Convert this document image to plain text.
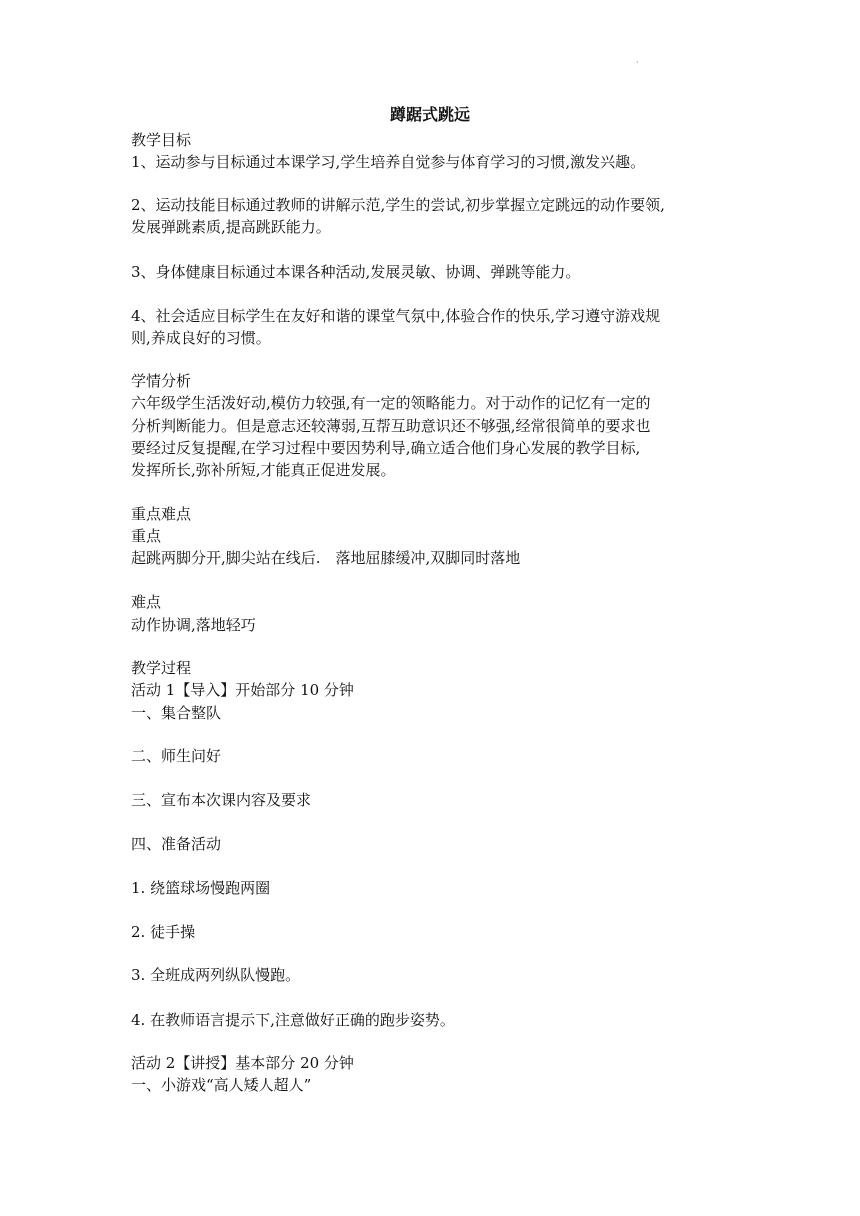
·
蹲踞式跳远
教学目标
1、运动参与目标通过本课学习,学生培养自觉参与体育学习的习惯,激发兴趣。
2、运动技能目标通过教师的讲解示范,学生的尝试,初步掌握立定跳远的动作要领,
发展弹跳素质,提高跳跃能力。
3、身体健康目标通过本课各种活动,发展灵敏、协调、弹跳等能力。
4、社会适应目标学生在友好和谐的课堂气氛中,体验合作的快乐,学习遵守游戏规
则,养成良好的习惯。
学情分析
六年级学生活泼好动,模仿力较强,有一定的领略能力。对于动作的记忆有一定的
分析判断能力。但是意志还较薄弱,互帮互助意识还不够强,经常很简单的要求也
要经过反复提醒,在学习过程中要因势利导,确立适合他们身心发展的教学目标,
发挥所长,弥补所短,才能真正促进发展。
重点难点
重点
起跳两脚分开,脚尖站在线后.　落地屈膝缓冲,双脚同时落地
难点
动作协调,落地轻巧
教学过程
活动 1【导入】开始部分 10 分钟
一、集合整队
二、师生问好
三、宣布本次课内容及要求
四、准备活动
1. 绕篮球场慢跑两圈
2. 徒手操
3. 全班成两列纵队慢跑。
4. 在教师语言提示下,注意做好正确的跑步姿势。
活动 2【讲授】基本部分 20 分钟
一、小游戏“高人矮人超人”
